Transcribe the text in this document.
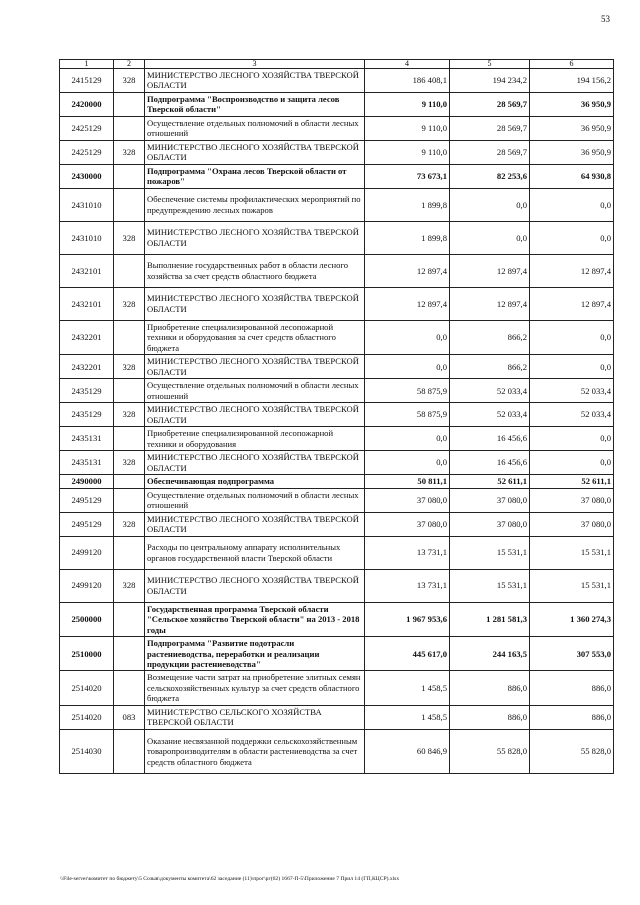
53
1	2	3	4	5	6
2415129	328	МИНИСТЕРСТВО ЛЕСНОГО ХОЗЯЙСТВА ТВЕРСКОЙ ОБЛАСТИ	186 408,1	194 234,2	194 156,2
2420000		Подпрограмма "Воспроизводство и защита лесов Тверской области"	9 110,0	28 569,7	36 950,9
2425129		Осуществление отдельных полномочий в области лесных отношений	9 110,0	28 569,7	36 950,9
2425129	328	МИНИСТЕРСТВО ЛЕСНОГО ХОЗЯЙСТВА ТВЕРСКОЙ ОБЛАСТИ	9 110,0	28 569,7	36 950,9
2430000		Подпрограмма "Охрана лесов Тверской области от пожаров"	73 673,1	82 253,6	64 930,8
2431010		Обеспечение системы профилактических мероприятий по предупреждению лесных пожаров	1 899,8	0,0	0,0
2431010	328	МИНИСТЕРСТВО ЛЕСНОГО ХОЗЯЙСТВА ТВЕРСКОЙ ОБЛАСТИ	1 899,8	0,0	0,0
2432101		Выполнение государственных работ в области лесного хозяйства за счет средств областного бюджета	12 897,4	12 897,4	12 897,4
2432101	328	МИНИСТЕРСТВО ЛЕСНОГО ХОЗЯЙСТВА ТВЕРСКОЙ ОБЛАСТИ	12 897,4	12 897,4	12 897,4
2432201		Приобретение специализированной лесопожарной техники и оборудования за счет средств областного бюджета	0,0	866,2	0,0
2432201	328	МИНИСТЕРСТВО ЛЕСНОГО ХОЗЯЙСТВА ТВЕРСКОЙ ОБЛАСТИ	0,0	866,2	0,0
2435129		Осуществление отдельных полномочий в области лесных отношений	58 875,9	52 033,4	52 033,4
2435129	328	МИНИСТЕРСТВО ЛЕСНОГО ХОЗЯЙСТВА ТВЕРСКОЙ ОБЛАСТИ	58 875,9	52 033,4	52 033,4
2435131		Приобретение специализированной лесопожарной техники и оборудования	0,0	16 456,6	0,0
2435131	328	МИНИСТЕРСТВО ЛЕСНОГО ХОЗЯЙСТВА ТВЕРСКОЙ ОБЛАСТИ	0,0	16 456,6	0,0
2490000		Обеспечивающая подпрограмма	50 811,1	52 611,1	52 611,1
2495129		Осуществление отдельных полномочий в области лесных отношений	37 080,0	37 080,0	37 080,0
2495129	328	МИНИСТЕРСТВО ЛЕСНОГО ХОЗЯЙСТВА ТВЕРСКОЙ ОБЛАСТИ	37 080,0	37 080,0	37 080,0
2499120		Расходы по центральному аппарату исполнительных органов государственной власти Тверской области	13 731,1	15 531,1	15 531,1
2499120	328	МИНИСТЕРСТВО ЛЕСНОГО ХОЗЯЙСТВА ТВЕРСКОЙ ОБЛАСТИ	13 731,1	15 531,1	15 531,1
2500000		Государственная программа Тверской области "Сельское хозяйство Тверской области" на 2013 - 2018 годы	1 967 953,6	1 281 581,3	1 360 274,3
2510000		Подпрограмма "Развитие подотрасли растениеводства, переработки и реализации продукции растениеводства"	445 617,0	244 163,5	307 553,0
2514020		Возмещение части затрат на приобретение элитных семян сельскохозяйственных культур за счет средств областного бюджета	1 458,5	886,0	886,0
2514020	083	МИНИСТЕРСТВО СЕЛЬСКОГО ХОЗЯЙСТВА ТВЕРСКОЙ ОБЛАСТИ	1 458,5	886,0	886,0
2514030		Оказание несвязанной поддержки сельскохозяйственным товаропроизводителям в области растениеводства за счет средств областного бюджета	60 846,9	55 828,0	55 828,0
\\File-server\комитет по бюджету\5 Созыв\документы комитета\62 заседание (11)\прог\рг(62) 1667-П-5\Приложение 7 Прил 14 (ГП,КЦСР).xlsx
